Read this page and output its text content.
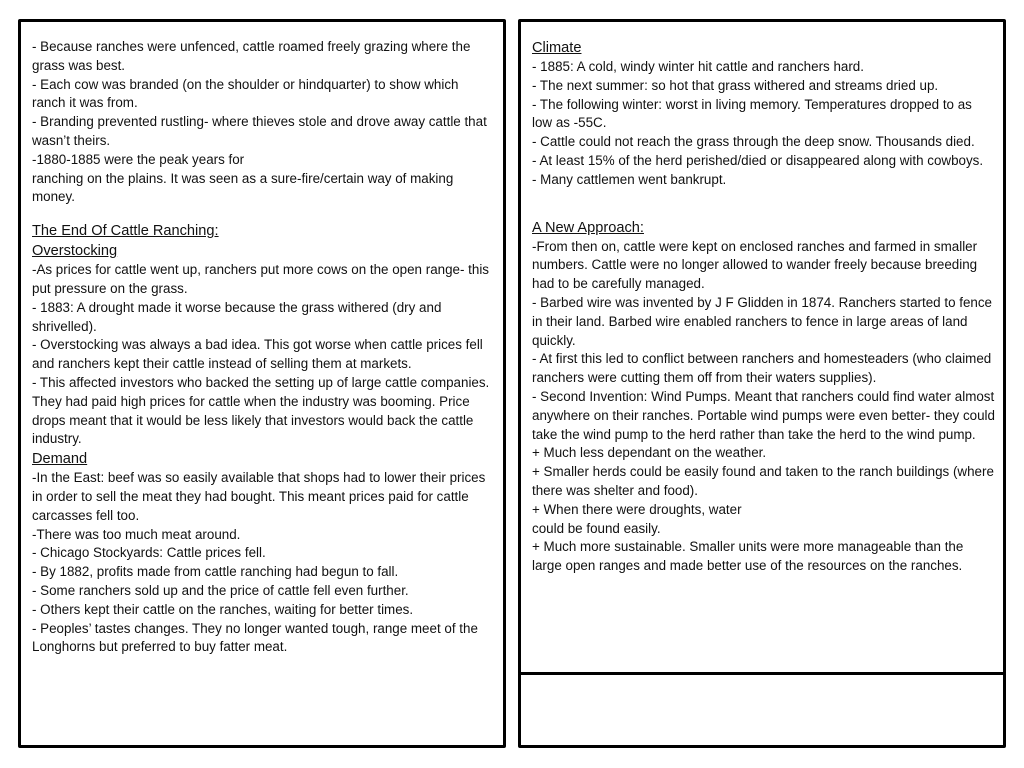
- Because ranches were unfenced, cattle roamed freely grazing where the grass was best.
- Each cow was branded (on the shoulder or hindquarter) to show which ranch it was from.
- Branding prevented rustling- where thieves stole and drove away cattle that wasn’t theirs.
-1880-1885 were the peak years for
ranching on the plains. It was seen as a sure-fire/certain way of making money.

The End Of Cattle Ranching:

Overstocking

-As prices for cattle went up, ranchers put more cows on the open range- this put pressure on the grass.
- 1883: A drought made it worse because the grass withered (dry and shrivelled).
- Overstocking was always a bad idea. This got worse when cattle prices fell and ranchers kept their cattle instead of selling them at markets.
- This affected investors who backed the setting up of large cattle companies. They had paid high prices for cattle when the industry was booming. Price drops meant that it would be less likely that investors would back the cattle industry.

Demand

-In the East: beef was so easily available that shops had to lower their prices in order to sell the meat they had bought. This meant prices paid for cattle carcasses fell too.
-There was too much meat around.
- Chicago Stockyards: Cattle prices fell.
- By 1882, profits made from cattle ranching had begun to fall.
- Some ranchers sold up and the price of cattle fell even further.
- Others kept their cattle on the ranches, waiting for better times.
- Peoples’ tastes changes. They no longer wanted tough, range meet of the Longhorns but preferred to buy fatter meat.

Climate

- 1885: A cold, windy winter hit cattle and ranchers hard.
- The next summer: so hot that grass withered and streams dried up.
- The following winter: worst in living memory. Temperatures dropped to as low as -55C.
- Cattle could not reach the grass through the deep snow. Thousands died.
- At least 15% of the herd perished/died or disappeared along with cowboys.
- Many cattlemen went bankrupt.

A New Approach:

-From then on, cattle were kept on enclosed ranches and farmed in smaller numbers. Cattle were no longer allowed to wander freely because breeding had to be carefully managed.
- Barbed wire was invented by J F Glidden in 1874. Ranchers started to fence in their land. Barbed wire enabled ranchers to fence in large areas of land quickly.
- At first this led to conflict between ranchers and homesteaders (who claimed ranchers were cutting them off from their waters supplies).
- Second Invention: Wind Pumps. Meant that ranchers could find water almost anywhere on their ranches. Portable wind pumps were even better- they could take the wind pump to the herd rather than take the herd to the wind pump.
+ Much less dependant on the weather.
+ Smaller herds could be easily found and taken to the ranch buildings (where there was shelter and food).
+ When there were droughts, water
could be found easily.
+ Much more sustainable. Smaller units were more manageable than the large open ranges and made better use of the resources on the ranches.
